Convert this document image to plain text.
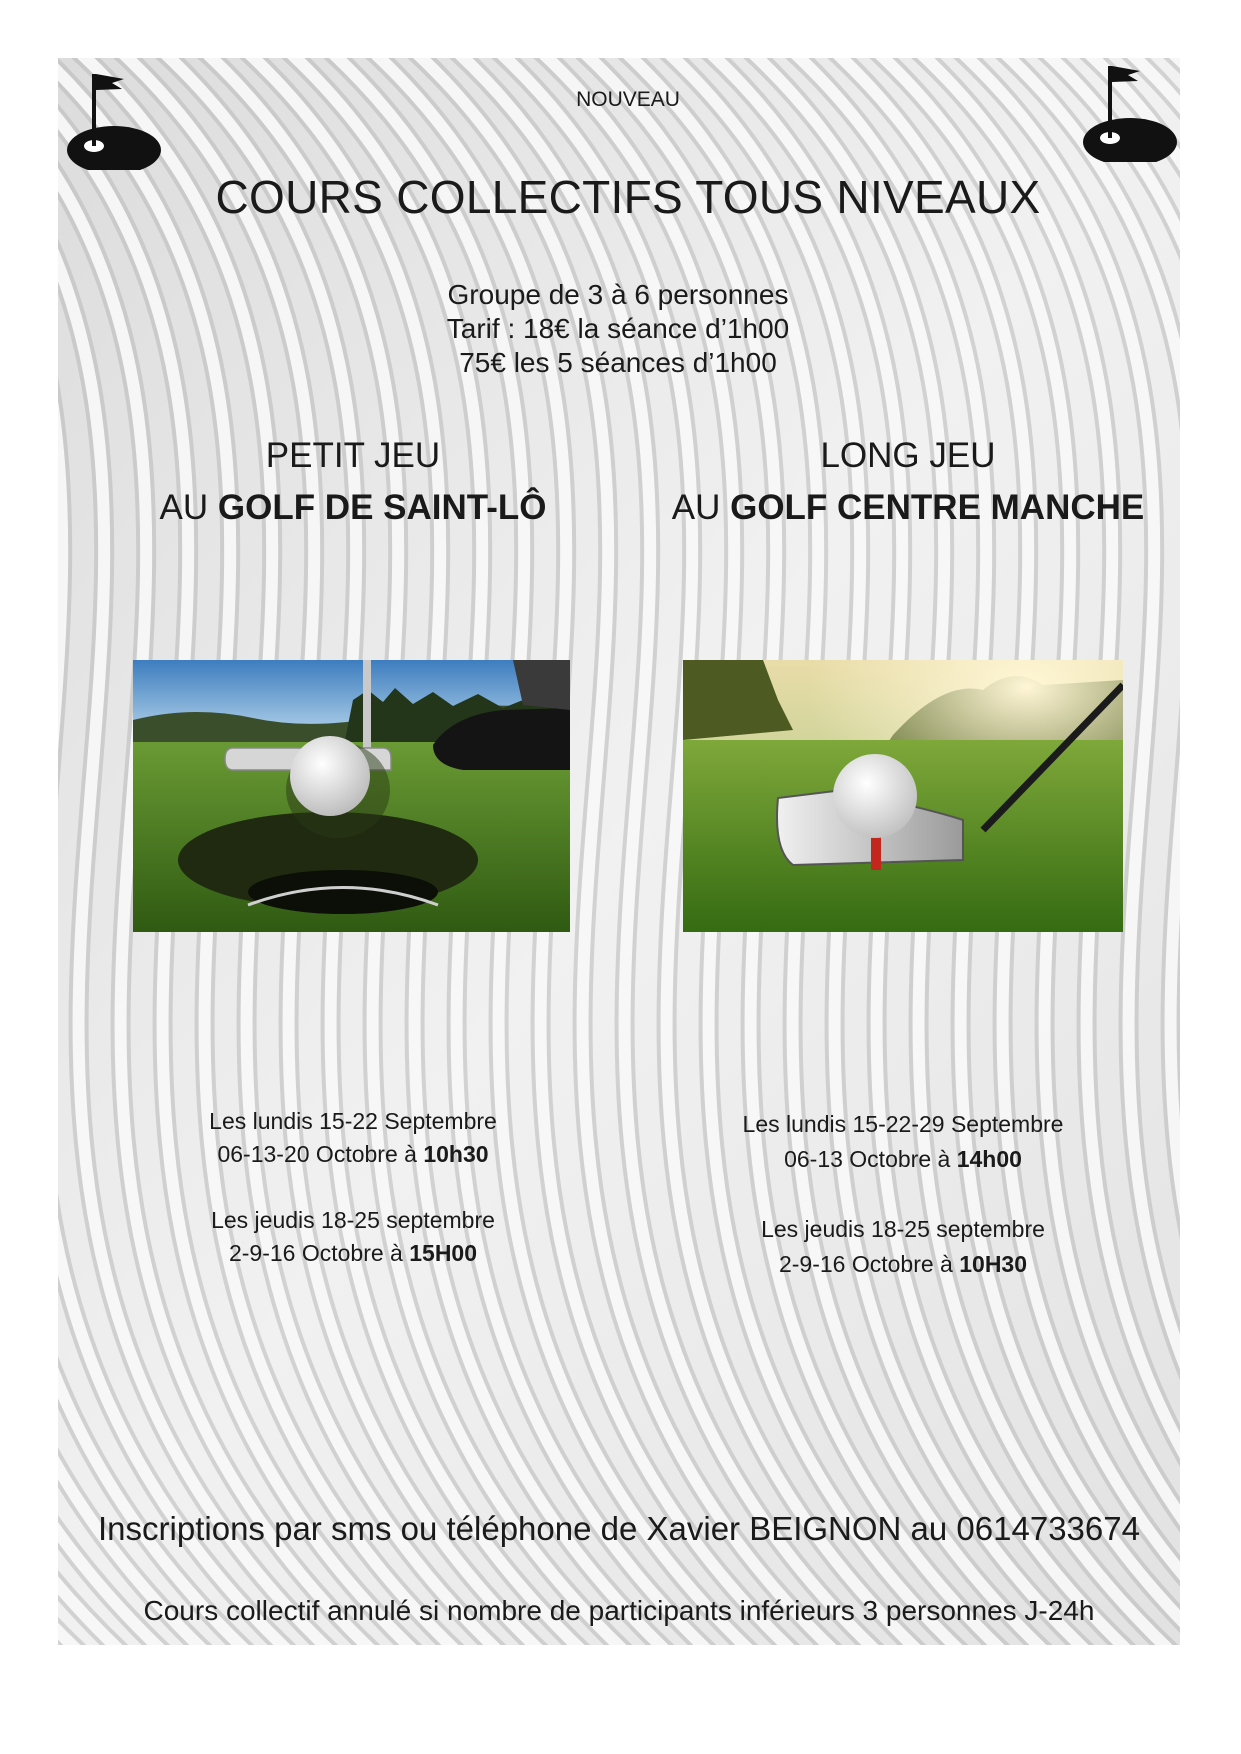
NOUVEAU
COURS COLLECTIFS TOUS NIVEAUX
Groupe de 3 à 6 personnes
Tarif : 18€ la séance d’1h00
75€ les 5 séances d’1h00
PETIT JEU
AU GOLF DE SAINT-LÔ
LONG JEU
AU GOLF CENTRE MANCHE
Les lundis 15-22 Septembre
06-13-20 Octobre à 10h30
Les jeudis 18-25 septembre
2-9-16 Octobre à 15H00
Les lundis 15-22-29 Septembre
06-13 Octobre à 14h00
Les jeudis 18-25 septembre
2-9-16 Octobre à 10H30
Inscriptions par sms ou téléphone de Xavier BEIGNON au 0614733674
Cours collectif annulé si nombre de participants inférieurs 3 personnes J-24h
